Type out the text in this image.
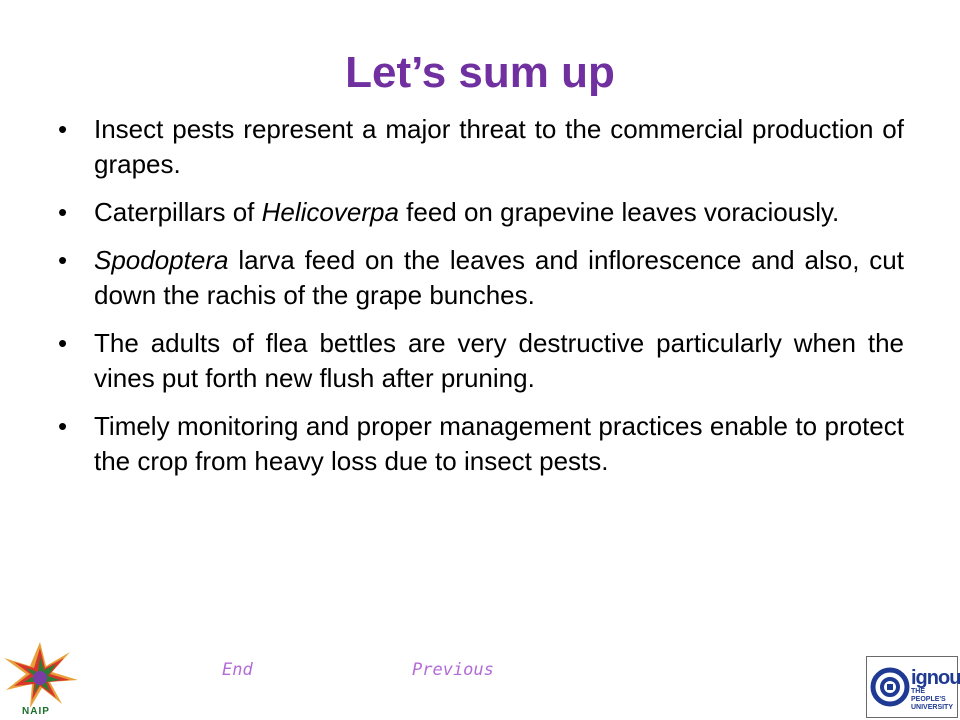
Let’s sum up
• Insect pests represent a major threat to the commercial production of grapes.
• Caterpillars of Helicoverpa feed on grapevine leaves voraciously.
• Spodoptera larva feed on the leaves and inflorescence and also, cut down the rachis of the grape bunches.
• The adults of flea bettles are very destructive particularly when the vines put forth new flush after pruning.
• Timely monitoring and proper management practices enable to protect the crop from heavy loss due to insect pests.
End	Previous
NAIP
ignou
THE PEOPLE'S UNIVERSITY
